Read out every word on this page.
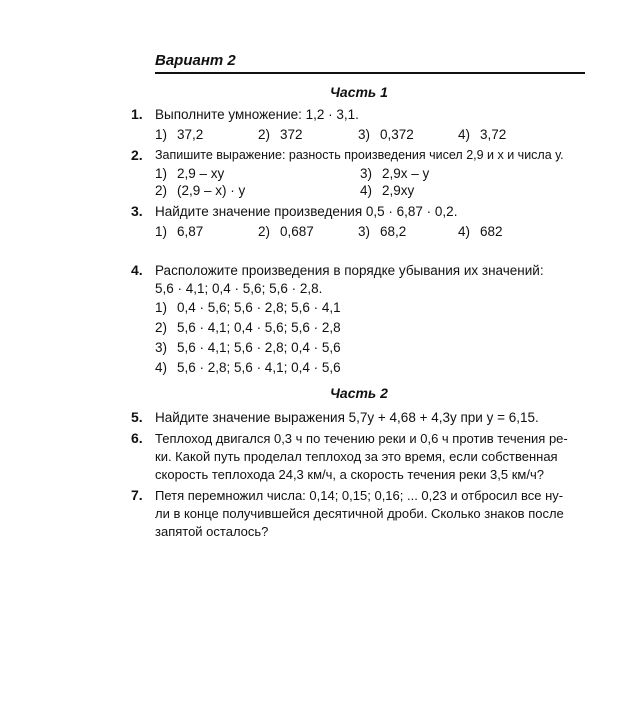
Вариант 2
Часть 1
1. Выполните умножение: 1,2 · 3,1.
1) 37,2	2) 372	3) 0,372	4) 3,72
2. Запишите выражение: разность произведения чисел 2,9 и х и числа у.
1) 2,9 – ху	3) 2,9х – у
2) (2,9 – х) · у	4) 2,9ху
3. Найдите значение произведения 0,5 · 6,87 · 0,2.
1) 6,87	2) 0,687	3) 68,2	4) 682
4. Расположите произведения в порядке убывания их значений:
5,6 · 4,1; 0,4 · 5,6; 5,6 · 2,8.
1) 0,4 · 5,6; 5,6 · 2,8; 5,6 · 4,1
2) 5,6 · 4,1; 0,4 · 5,6; 5,6 · 2,8
3) 5,6 · 4,1; 5,6 · 2,8; 0,4 · 5,6
4) 5,6 · 2,8; 5,6 · 4,1; 0,4 · 5,6
Часть 2
5. Найдите значение выражения 5,7у + 4,68 + 4,3у при у = 6,15.
6. Теплоход двигался 0,3 ч по течению реки и 0,6 ч против течения ре-
ки. Какой путь проделал теплоход за это время, если собственная
скорость теплохода 24,3 км/ч, а скорость течения реки 3,5 км/ч?
7. Петя перемножил числа: 0,14; 0,15; 0,16; ... 0,23 и отбросил все ну-
ли в конце получившейся десятичной дроби. Сколько знаков после
запятой осталось?
